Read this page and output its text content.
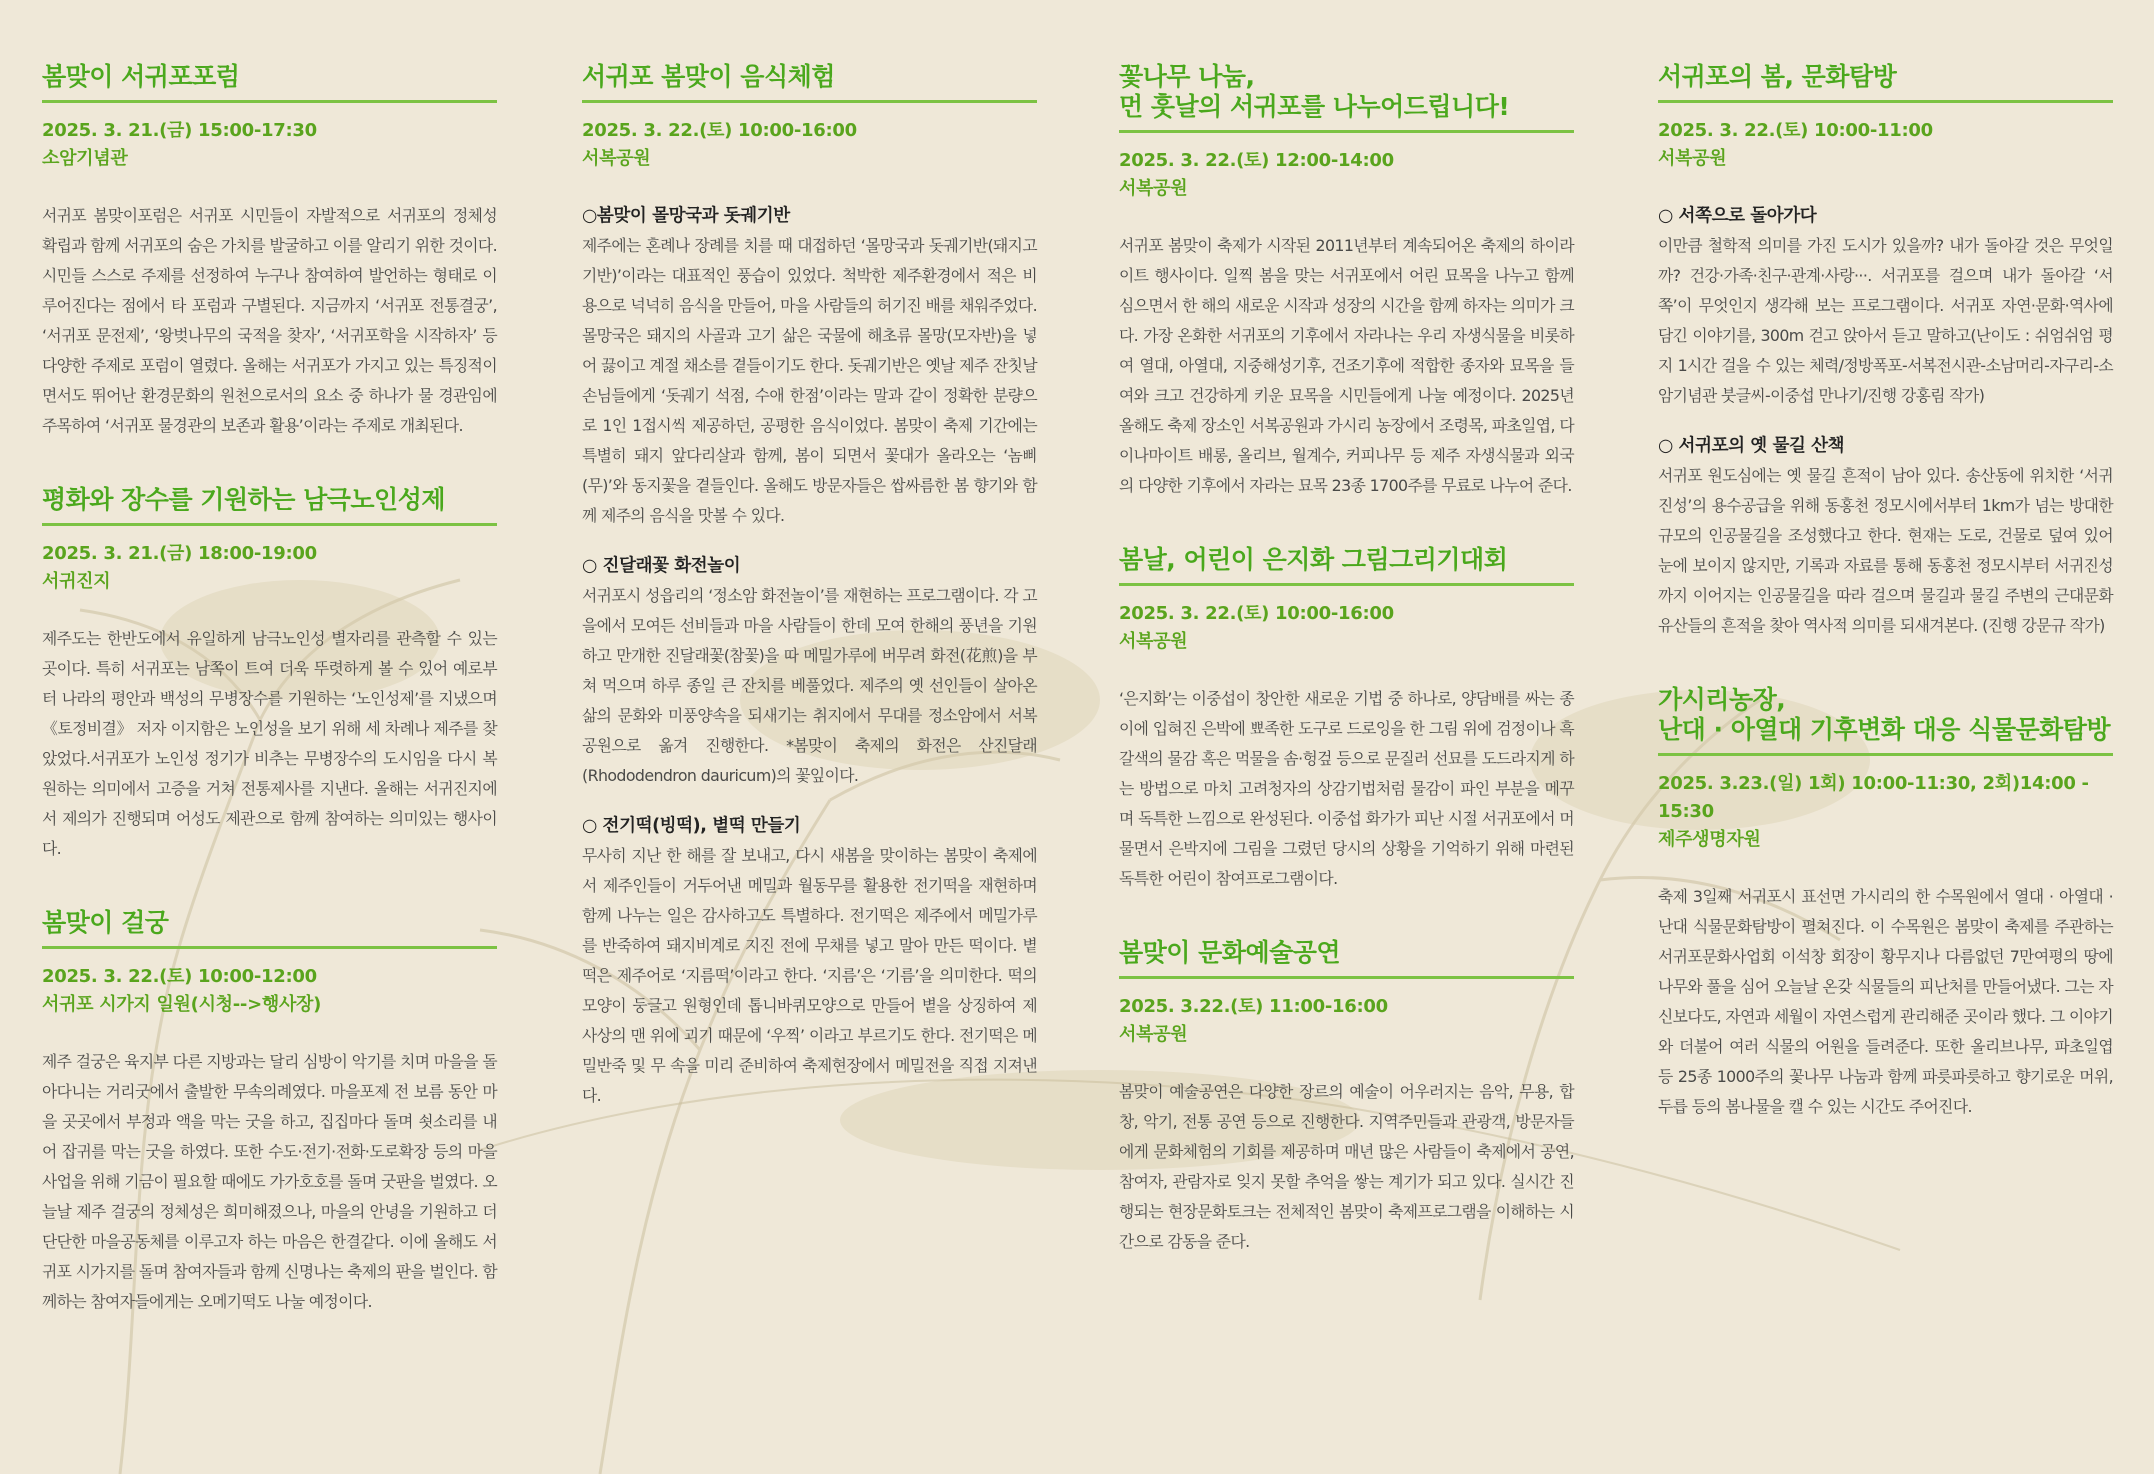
봄맞이 서귀포포럼
2025. 3. 21.(금) 15:00-17:30
소암기념관
서귀포 봄맞이포럼은 서귀포 시민들이 자발적으로 서귀포의 정체성 확립과 함께 서귀포의 숨은 가치를 발굴하고 이를 알리기 위한 것이다. 시민들 스스로 주제를 선정하여 누구나 참여하여 발언하는 형태로 이루어진다는 점에서 타 포럼과 구별된다. 지금까지 ‘서귀포 전통결궁’, ‘서귀포 문전제’, ‘왕벚나무의 국적을 찾자’, ‘서귀포학을 시작하자’ 등 다양한 주제로 포럼이 열렸다. 올해는 서귀포가 가지고 있는 특징적이면서도 뛰어난 환경문화의 원천으로서의 요소 중 하나가 물 경관임에 주목하여 ‘서귀포 물경관의 보존과 활용’이라는 주제로 개최된다.
평화와 장수를 기원하는 남극노인성제
2025. 3. 21.(금) 18:00-19:00
서귀진지
제주도는 한반도에서 유일하게 남극노인성 별자리를 관측할 수 있는 곳이다. 특히 서귀포는 남쪽이 트여 더욱 뚜렷하게 볼 수 있어 예로부터 나라의 평안과 백성의 무병장수를 기원하는 ‘노인성제’를 지냈으며 《토정비결》 저자 이지함은 노인성을 보기 위해 세 차례나 제주를 찾았었다.서귀포가 노인성 정기가 비추는 무병장수의 도시임을 다시 복원하는 의미에서 고증을 거쳐 전통제사를 지낸다. 올해는 서귀진지에서 제의가 진행되며 어성도 제관으로 함께 참여하는 의미있는 행사이다.
봄맞이 걸궁
2025. 3. 22.(토) 10:00-12:00
서귀포 시가지 일원(시청-->행사장)
제주 걸궁은 육지부 다른 지방과는 달리 심방이 악기를 치며 마을을 돌아다니는 거리굿에서 출발한 무속의례였다. 마을포제 전 보름 동안 마을 곳곳에서 부정과 액을 막는 굿을 하고, 집집마다 돌며 쇳소리를 내어 잡귀를 막는 굿을 하였다. 또한 수도·전기·전화·도로확장 등의 마을사업을 위해 기금이 필요할 때에도 가가호호를 돌며 굿판을 벌였다. 오늘날 제주 걸궁의 정체성은 희미해졌으나, 마을의 안녕을 기원하고 더 단단한 마을공동체를 이루고자 하는 마음은 한결같다. 이에 올해도 서귀포 시가지를 돌며 참여자들과 함께 신명나는 축제의 판을 벌인다. 함께하는 참여자들에게는 오메기떡도 나눌 예정이다.
서귀포 봄맞이 음식체험
2025. 3. 22.(토) 10:00-16:00
서복공원
○봄맞이 몰망국과 돗궤기반
제주에는 혼례나 장례를 치를 때 대접하던 ‘몰망국과 돗궤기반(돼지고기반)’이라는 대표적인 풍습이 있었다. 척박한 제주환경에서 적은 비용으로 넉넉히 음식을 만들어, 마을 사람들의 허기진 배를 채워주었다. 몰망국은 돼지의 사골과 고기 삶은 국물에 해초류 몰망(모자반)을 넣어 끓이고 계절 채소를 곁들이기도 한다. 돗궤기반은 옛날 제주 잔칫날 손님들에게 ‘돗궤기 석점, 수애 한점’이라는 말과 같이 정확한 분량으로 1인 1접시씩 제공하던, 공평한 음식이었다. 봄맞이 축제 기간에는 특별히 돼지 앞다리살과 함께, 봄이 되면서 꽃대가 올라오는 ‘놈삐(무)’와 동지꽃을 곁들인다. 올해도 방문자들은 쌉싸름한 봄 향기와 함께 제주의 음식을 맛볼 수 있다.
○ 진달래꽃 화전놀이
서귀포시 성읍리의 ‘정소암 화전놀이’를 재현하는 프로그램이다. 각 고을에서 모여든 선비들과 마을 사람들이 한데 모여 한해의 풍년을 기원하고 만개한 진달래꽃(참꽃)을 따 메밀가루에 버무려 화전(花煎)을 부쳐 먹으며 하루 종일 큰 잔치를 베풀었다. 제주의 옛 선인들이 살아온 삶의 문화와 미풍양속을 되새기는 취지에서 무대를 정소암에서 서복공원으로 옮겨 진행한다. *봄맞이 축제의 화전은 산진달래(Rhododendron dauricum)의 꽃잎이다.
○ 전기떡(빙떡), 볕떡 만들기
무사히 지난 한 해를 잘 보내고, 다시 새봄을 맞이하는 봄맞이 축제에서 제주인들이 거두어낸 메밀과 월동무를 활용한 전기떡을 재현하며 함께 나누는 일은 감사하고도 특별하다. 전기떡은 제주에서 메밀가루를 반죽하여 돼지비계로 지진 전에 무채를 넣고 말아 만든 떡이다. 볕떡은 제주어로 ‘지름떡’이라고 한다. ‘지름’은 ‘기름’을 의미한다. 떡의 모양이 둥글고 원형인데 톱니바퀴모양으로 만들어 볕을 상징하여 제사상의 맨 위에 괴기 때문에 ‘우찍’ 이라고 부르기도 한다. 전기떡은 메밀반죽 및 무 속을 미리 준비하여 축제현장에서 메밀전을 직접 지져낸다.
꽃나무 나눔,
먼 훗날의 서귀포를 나누어드립니다!
2025. 3. 22.(토) 12:00-14:00
서복공원
서귀포 봄맞이 축제가 시작된 2011년부터 계속되어온 축제의 하이라이트 행사이다. 일찍 봄을 맞는 서귀포에서 어린 묘목을 나누고 함께 심으면서 한 해의 새로운 시작과 성장의 시간을 함께 하자는 의미가 크다. 가장 온화한 서귀포의 기후에서 자라나는 우리 자생식물을 비롯하여 열대, 아열대, 지중해성기후, 건조기후에 적합한 종자와 묘목을 들여와 크고 건강하게 키운 묘목을 시민들에게 나눌 예정이다. 2025년 올해도 축제 장소인 서복공원과 가시리 농장에서 조령목, 파초일엽, 다이나마이트 배롱, 올리브, 월계수, 커피나무 등 제주 자생식물과 외국의 다양한 기후에서 자라는 묘목 23종 1700주를 무료로 나누어 준다.
봄날, 어린이 은지화 그림그리기대회
2025. 3. 22.(토) 10:00-16:00
서복공원
‘은지화’는 이중섭이 창안한 새로운 기법 중 하나로, 양담배를 싸는 종이에 입혀진 은박에 뾰족한 도구로 드로잉을 한 그림 위에 검정이나 흑갈색의 물감 혹은 먹물을 솜·헝겊 등으로 문질러 선묘를 도드라지게 하는 방법으로 마치 고려청자의 상감기법처럼 물감이 파인 부분을 메꾸며 독특한 느낌으로 완성된다. 이중섭 화가가 피난 시절 서귀포에서 머물면서 은박지에 그림을 그렸던 당시의 상황을 기억하기 위해 마련된 독특한 어린이 참여프로그램이다.
봄맞이 문화예술공연
2025. 3.22.(토) 11:00-16:00
서복공원
봄맞이 예술공연은 다양한 장르의 예술이 어우러지는 음악, 무용, 합창, 악기, 전통 공연 등으로 진행한다. 지역주민들과 관광객, 방문자들에게 문화체험의 기회를 제공하며 매년 많은 사람들이 축제에서 공연, 참여자, 관람자로 잊지 못할 추억을 쌓는 계기가 되고 있다. 실시간 진행되는 현장문화토크는 전체적인 봄맞이 축제프로그램을 이해하는 시간으로 감동을 준다.
서귀포의 봄, 문화탐방
2025. 3. 22.(토) 10:00-11:00
서복공원
○ 서쪽으로 돌아가다
이만큼 철학적 의미를 가진 도시가 있을까? 내가 돌아갈 것은 무엇일까? 건강·가족·친구·관계·사랑···. 서귀포를 걸으며 내가 돌아갈 ‘서쪽’이 무엇인지 생각해 보는 프로그램이다. 서귀포 자연·문화·역사에 담긴 이야기를, 300m 걷고 앉아서 듣고 말하고(난이도 : 쉬엄쉬엄 평지 1시간 걸을 수 있는 체력/정방폭포-서복전시관-소남머리-자구리-소암기념관 붓글씨-이중섭 만나기/진행 강홍림 작가)
○ 서귀포의 옛 물길 산책
서귀포 원도심에는 옛 물길 흔적이 남아 있다. 송산동에 위치한 ‘서귀진성’의 용수공급을 위해 동홍천 정모시에서부터 1km가 넘는 방대한 규모의 인공물길을 조성했다고 한다. 현재는 도로, 건물로 덮여 있어 눈에 보이지 않지만, 기록과 자료를 통해 동홍천 정모시부터 서귀진성까지 이어지는 인공물길을 따라 걸으며 물길과 물길 주변의 근대문화유산들의 흔적을 찾아 역사적 의미를 되새겨본다. (진행 강문규 작가)
가시리농장,
난대 · 아열대 기후변화 대응 식물문화탐방
2025. 3.23.(일) 1회) 10:00-11:30, 2회)14:00 - 15:30
제주생명자원
축제 3일째 서귀포시 표선면 가시리의 한 수목원에서 열대 · 아열대 · 난대 식물문화탐방이 펼쳐진다. 이 수목원은 봄맞이 축제를 주관하는 서귀포문화사업회 이석창 회장이 황무지나 다름없던 7만여평의 땅에 나무와 풀을 심어 오늘날 온갖 식물들의 피난처를 만들어냈다. 그는 자신보다도, 자연과 세월이 자연스럽게 관리해준 곳이라 했다. 그 이야기와 더불어 여러 식물의 어원을 들려준다. 또한 올리브나무, 파초일엽 등 25종 1000주의 꽃나무 나눔과 함께 파릇파릇하고 향기로운 머위, 두릅 등의 봄나물을 캘 수 있는 시간도 주어진다.
